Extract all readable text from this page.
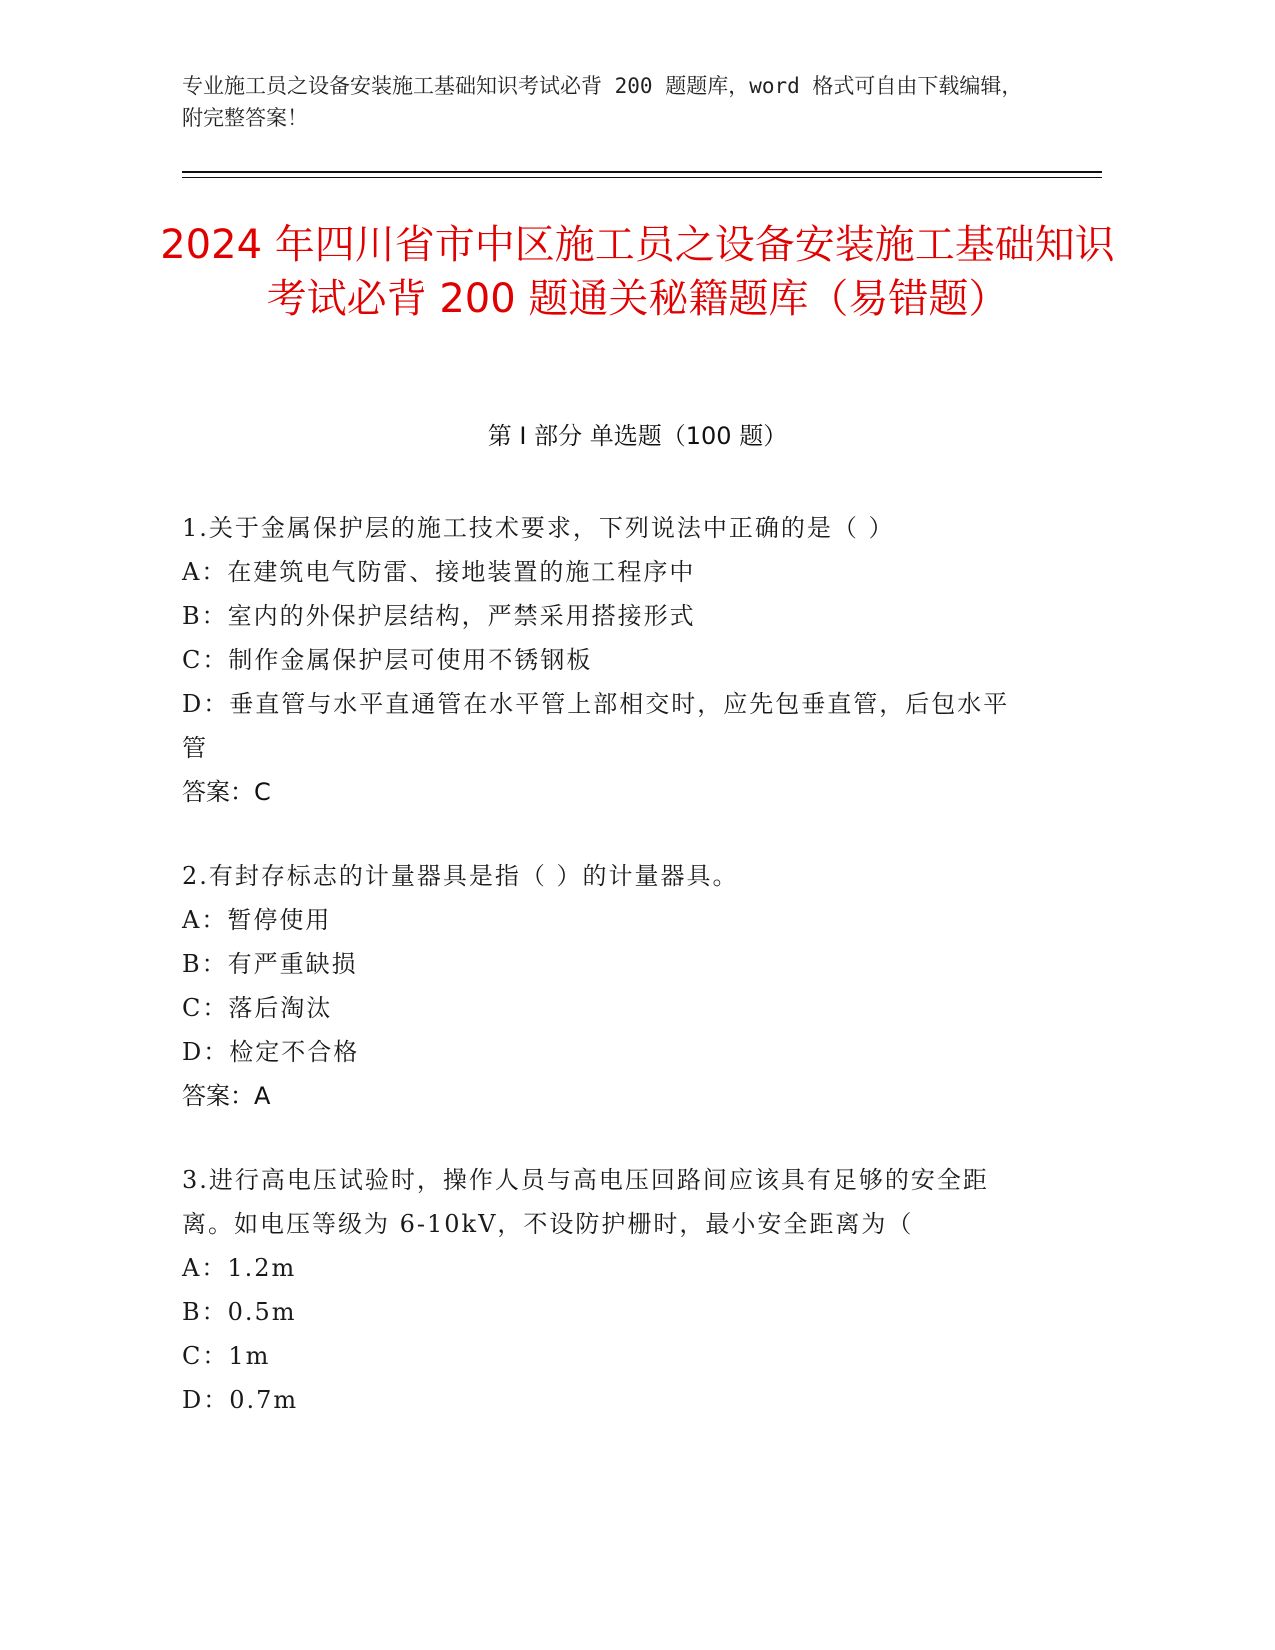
专业施工员之设备安装施工基础知识考试必背 200 题题库，word 格式可自由下载编辑，附完整答案！
2024 年四川省市中区施工员之设备安装施工基础知识考试必背 200 题通关秘籍题库（易错题）
第 I 部分 单选题（100 题）
1.关于金属保护层的施工技术要求，下列说法中正确的是（ ）
A：在建筑电气防雷、接地装置的施工程序中
B：室内的外保护层结构，严禁采用搭接形式
C：制作金属保护层可使用不锈钢板
D：垂直管与水平直通管在水平管上部相交时，应先包垂直管，后包水平管
答案：C
2.有封存标志的计量器具是指（ ）的计量器具。
A：暂停使用
B：有严重缺损
C：落后淘汰
D：检定不合格
答案：A
3.进行高电压试验时，操作人员与高电压回路间应该具有足够的安全距离。如电压等级为 6-10kV，不设防护栅时，最小安全距离为（
A：1.2m
B：0.5m
C：1m
D：0.7m
